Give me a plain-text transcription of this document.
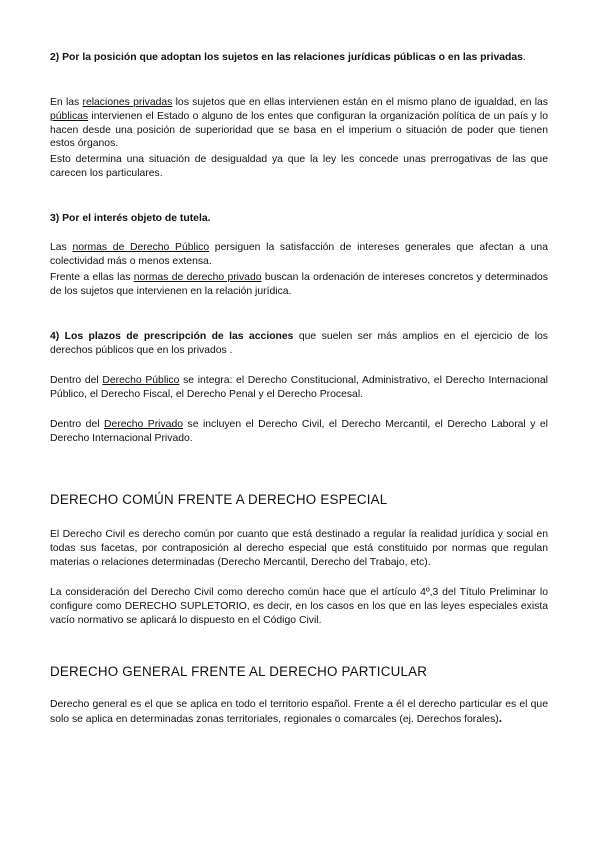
2) Por la posición que adoptan los sujetos en las relaciones jurídicas públicas o en las privadas.

En las relaciones privadas los sujetos que en ellas intervienen están en el mismo plano de igualdad, en las públicas intervienen el Estado o alguno de los entes que configuran la organización política de un país y lo hacen desde una posición de superioridad que se basa en el imperium o situación de poder que tienen estos órganos.

Esto determina una situación de desigualdad ya que la ley les concede unas prerrogativas de las que carecen los particulares.

3) Por el interés objeto de tutela.

Las normas de Derecho Público persiguen la satisfacción de intereses generales que afectan a una colectividad más o menos extensa.

Frente a ellas las normas de derecho privado buscan la ordenación de intereses concretos y determinados de los sujetos que intervienen en la relación jurídica.

4) Los plazos de prescripción de las acciones que suelen ser más amplios en el ejercicio de los derechos públicos que en los privados .

Dentro del Derecho Público se integra: el Derecho Constitucional, Administrativo, el Derecho Internacional Público, el Derecho Fiscal, el Derecho Penal y el Derecho Procesal.

Dentro del Derecho Privado se incluyen el Derecho Civil, el Derecho Mercantil, el Derecho Laboral y el Derecho Internacional Privado.

DERECHO COMÚN FRENTE A DERECHO ESPECIAL

El Derecho Civil es derecho común por cuanto que está destinado a regular la realidad jurídica y social en todas sus facetas, por contraposición al derecho especial que está constituido por normas que regulan materias o relaciones determinadas (Derecho Mercantil, Derecho del Trabajo, etc).

La consideración del Derecho Civil como derecho común hace que el artículo 4º,3 del Título Preliminar lo configure como DERECHO SUPLETORIO, es decir, en los casos en los que en las leyes especiales exista vacío normativo se aplicará lo dispuesto en el Código Civil.

DERECHO GENERAL FRENTE AL DERECHO PARTICULAR

Derecho general es el que se aplica en todo el territorio español. Frente a él el derecho particular es el que solo se aplica en determinadas zonas territoriales, regionales o comarcales (ej. Derechos forales).
